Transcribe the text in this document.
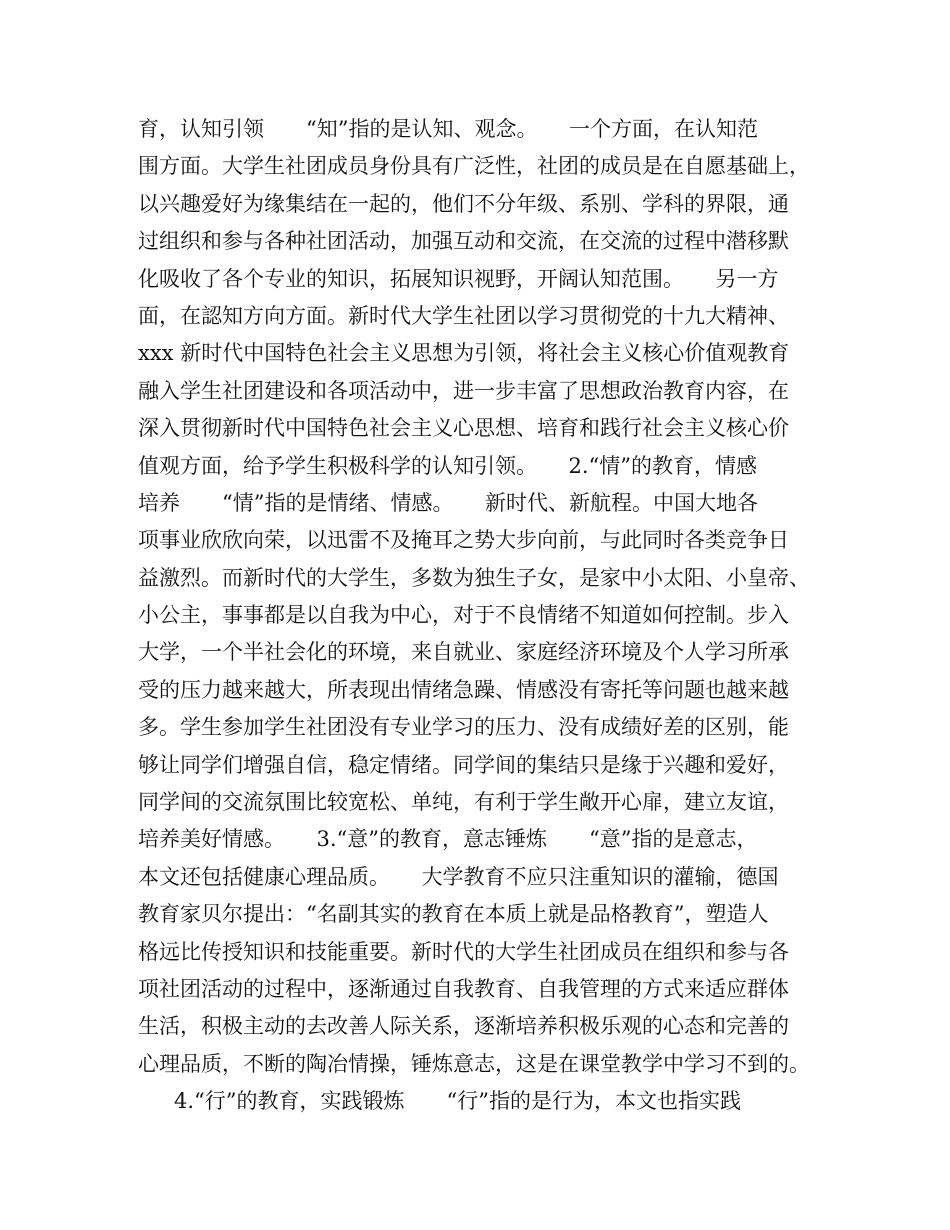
育，认知引领　　“知”指的是认知、观念。　　一个方面，在认知范
围方面。大学生社团成员身份具有广泛性，社团的成员是在自愿基础上，
以兴趣爱好为缘集结在一起的，他们不分年级、系别、学科的界限，通
过组织和参与各种社团活动，加强互动和交流，在交流的过程中潜移默
化吸收了各个专业的知识，拓展知识视野，开阔认知范围。　　另一方
面，在認知方向方面。新时代大学生社团以学习贯彻党的十九大精神、
xxx 新时代中国特色社会主义思想为引领，将社会主义核心价值观教育
融入学生社团建设和各项活动中，进一步丰富了思想政治教育内容，在
深入贯彻新时代中国特色社会主义心思想、培育和践行社会主义核心价
值观方面，给予学生积极科学的认知引领。　　2.“情”的教育，情感
培养　　“情”指的是情绪、情感。　　新时代、新航程。中国大地各
项事业欣欣向荣，以迅雷不及掩耳之势大步向前，与此同时各类竞争日
益激烈。而新时代的大学生，多数为独生子女，是家中小太阳、小皇帝、
小公主，事事都是以自我为中心，对于不良情绪不知道如何控制。步入
大学，一个半社会化的环境，来自就业、家庭经济环境及个人学习所承
受的压力越来越大，所表现出情绪急躁、情感没有寄托等问题也越来越
多。学生参加学生社团没有专业学习的压力、没有成绩好差的区别，能
够让同学们增强自信，稳定情绪。同学间的集结只是缘于兴趣和爱好，
同学间的交流氛围比较宽松、单纯，有利于学生敞开心扉，建立友谊，
培养美好情感。　　3.“意”的教育，意志锤炼　　“意”指的是意志，
本文还包括健康心理品质。　　大学教育不应只注重知识的灌输，德国
教育家贝尔提出：“名副其实的教育在本质上就是品格教育”，塑造人
格远比传授知识和技能重要。新时代的大学生社团成员在组织和参与各
项社团活动的过程中，逐渐通过自我教育、自我管理的方式来适应群体
生活，积极主动的去改善人际关系，逐渐培养积极乐观的心态和完善的
心理品质，不断的陶冶情操，锤炼意志，这是在课堂教学中学习不到的。
4.“行”的教育，实践锻炼　　“行”指的是行为，本文也指实践
